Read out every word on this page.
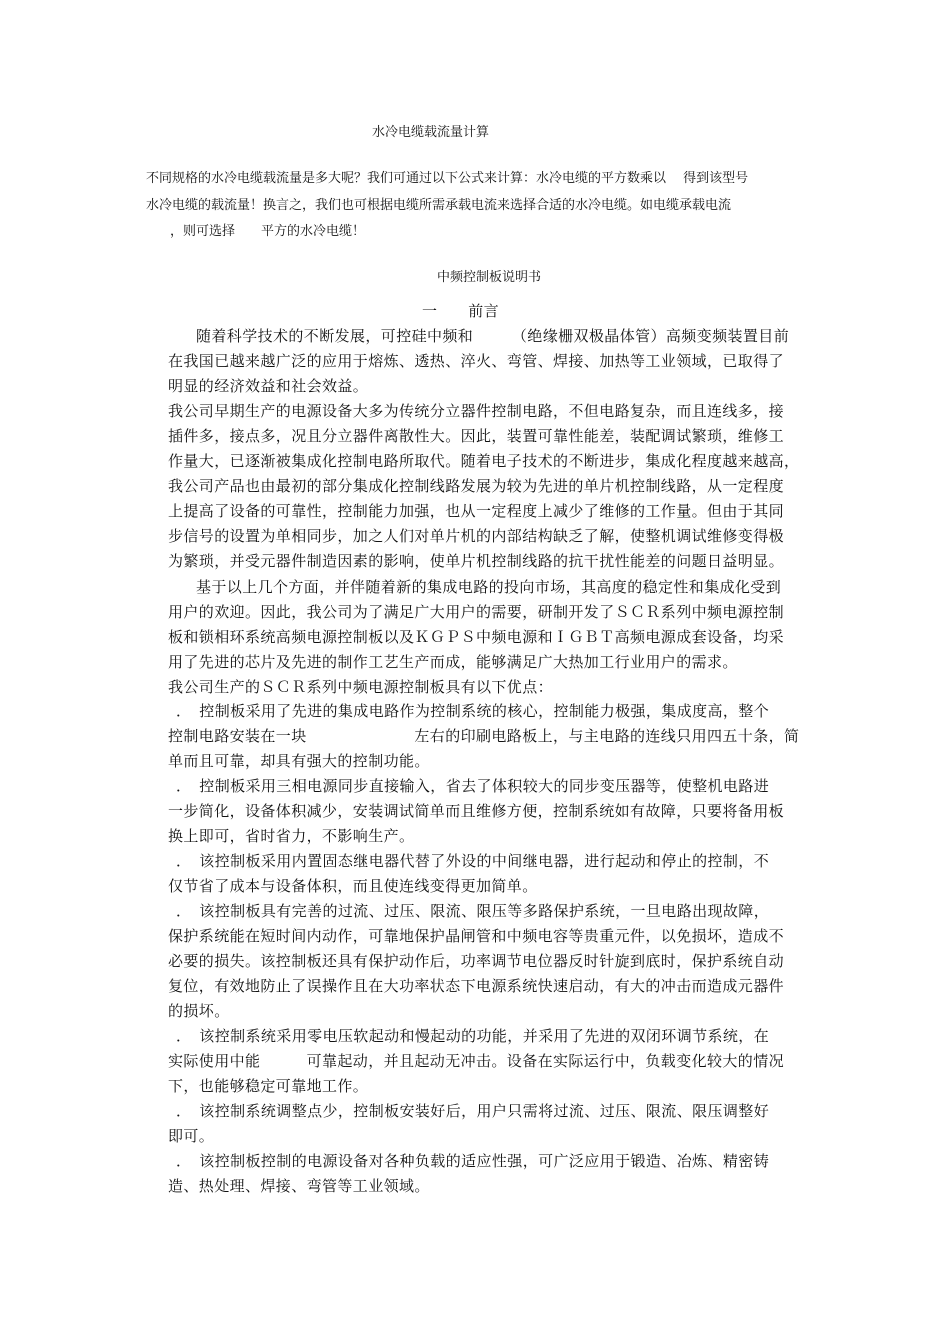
水冷电缆载流量计算
不同规格的水冷电缆载流量是多大呢？我们可通过以下公式来计算：水冷电缆的平方数乘以　 得到该型号
水冷电缆的载流量！换言之，我们也可根据电缆所需承载电流来选择合适的水冷电缆。如电缆承载电流
，则可选择　　平方的水冷电缆！
中频控制板说明书
一　　前言
随着科学技术的不断发展，可控硅中频和　　　（绝缘栅双极晶体管）高频变频装置目前
在我国已越来越广泛的应用于熔炼、透热、淬火、弯管、焊接、加热等工业领域，已取得了
明显的经济效益和社会效益。
我公司早期生产的电源设备大多为传统分立器件控制电路，不但电路复杂，而且连线多，接
插件多，接点多，况且分立器件离散性大。因此，装置可靠性能差，装配调试繁琐，维修工
作量大，已逐渐被集成化控制电路所取代。随着电子技术的不断进步，集成化程度越来越高，
我公司产品也由最初的部分集成化控制线路发展为较为先进的单片机控制线路，从一定程度
上提高了设备的可靠性，控制能力加强，也从一定程度上减少了维修的工作量。但由于其同
步信号的设置为单相同步，加之人们对单片机的内部结构缺乏了解，使整机调试维修变得极
为繁琐，并受元器件制造因素的影响，使单片机控制线路的抗干扰性能差的问题日益明显。
基于以上几个方面，并伴随着新的集成电路的投向市场，其高度的稳定性和集成化受到
用户的欢迎。因此，我公司为了满足广大用户的需要，研制开发了ＳＣＲ系列中频电源控制
板和锁相环系统高频电源控制板以及ＫＧＰＳ中频电源和ＩＧＢＴ高频电源成套设备，均采
用了先进的芯片及先进的制作工艺生产而成，能够满足广大热加工行业用户的需求。
我公司生产的ＳＣＲ系列中频电源控制板具有以下优点：
．　控制板采用了先进的集成电路作为控制系统的核心，控制能力极强，集成度高，整个
控制电路安装在一块　　　　　　　左右的印刷电路板上，与主电路的连线只用四五十条，简
单而且可靠，却具有强大的控制功能。
．　控制板采用三相电源同步直接输入，省去了体积较大的同步变压器等，使整机电路进
一步简化，设备体积减少，安装调试简单而且维修方便，控制系统如有故障，只要将备用板
换上即可，省时省力，不影响生产。
．　该控制板采用内置固态继电器代替了外设的中间继电器，进行起动和停止的控制，不
仅节省了成本与设备体积，而且使连线变得更加简单。
．　该控制板具有完善的过流、过压、限流、限压等多路保护系统，一旦电路出现故障，
保护系统能在短时间内动作，可靠地保护晶闸管和中频电容等贵重元件，以免损坏，造成不
必要的损失。该控制板还具有保护动作后，功率调节电位器反时针旋到底时，保护系统自动
复位，有效地防止了误操作且在大功率状态下电源系统快速启动，有大的冲击而造成元器件
的损坏。
．　该控制系统采用零电压软起动和慢起动的功能，并采用了先进的双闭环调节系统，在
实际使用中能　　　可靠起动，并且起动无冲击。设备在实际运行中，负载变化较大的情况
下，也能够稳定可靠地工作。
．　该控制系统调整点少，控制板安装好后，用户只需将过流、过压、限流、限压调整好
即可。
．　该控制板控制的电源设备对各种负载的适应性强，可广泛应用于锻造、冶炼、精密铸
造、热处理、焊接、弯管等工业领域。
